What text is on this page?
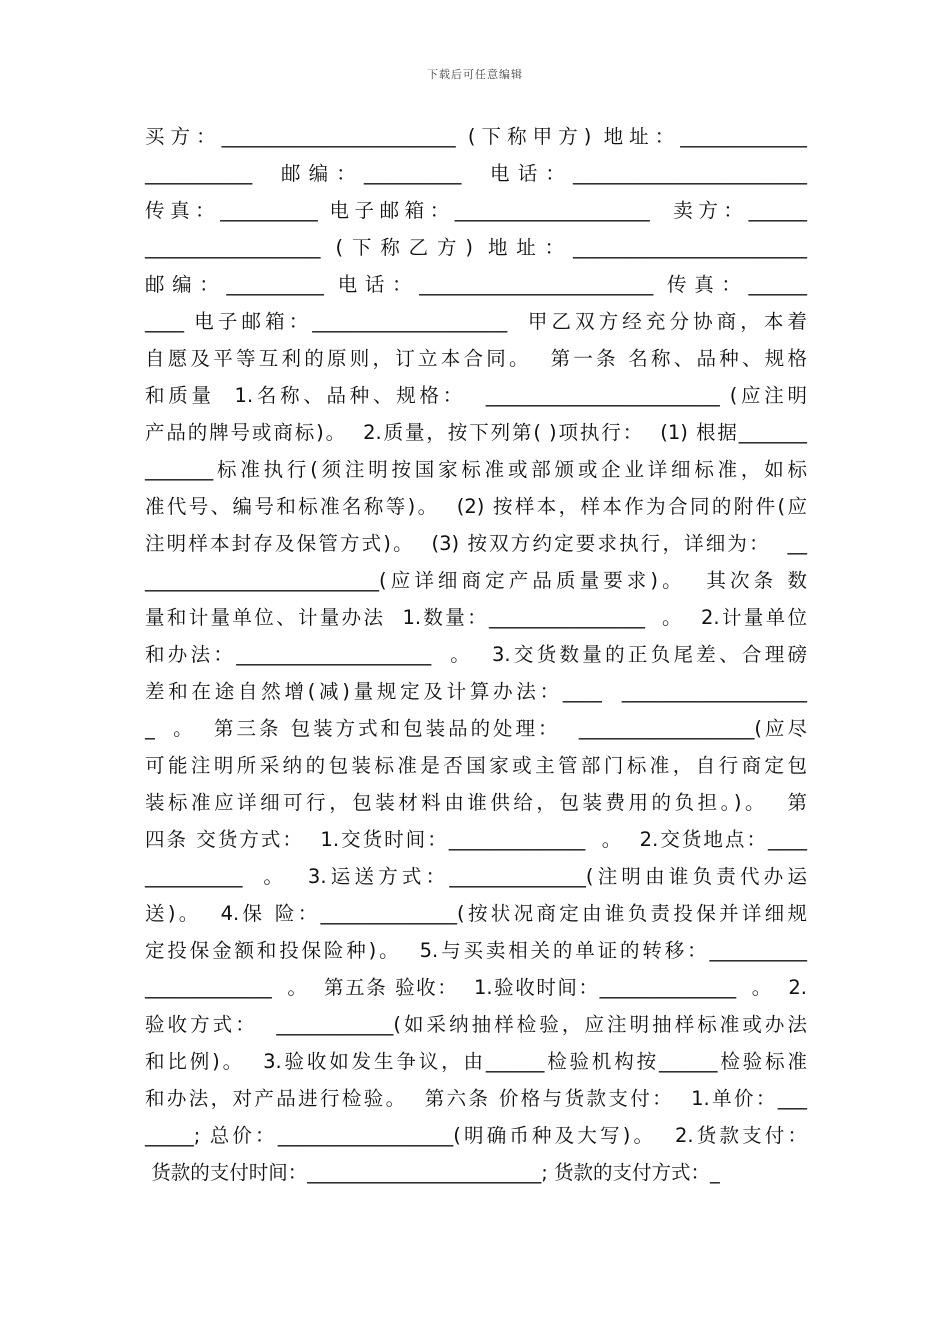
下载后可任意编辑
买方：________________________ (下称甲方) 地址：_____________
___________  邮编：__________  电话：________________________
传真：__________ 电子邮箱：____________________  卖方：______
__________________ (下称乙方) 地址：________________________
邮编：__________ 电话：________________________ 传真：______
____ 电子邮箱：____________________  甲乙双方经充分协商，本着
自愿及平等互利的原则，订立本合同。  第一条 名称、品种、规格
和质量  1.名称、品种、规格：  ________________________ (应注明
产品的牌号或商标)。  2.质量，按下列第( )项执行：  (1) 根据_______
_______标准执行(须注明按国家标准或部颁或企业详细标准，如标
准代号、编号和标准名称等)。  (2) 按样本，样本作为合同的附件(应
注明样本封存及保管方式)。  (3) 按双方约定要求执行，详细为：  __
________________________(应详细商定产品质量要求)。  其次条 数
量和计量单位、计量办法  1.数量：________________  。  2.计量单位
和办法：____________________  。  3.交货数量的正负尾差、合理磅
差和在途自然增(减)量规定及计算办法：____  ___________________
_  。  第三条 包装方式和包装品的处理：  __________________(应尽
可能注明所采纳的包装标准是否国家或主管部门标准，自行商定包
装标准应详细可行，包装材料由谁供给，包装费用的负担。)。  第
四条 交货方式：  1.交货时间：______________  。  2.交货地点：____
__________  。  3.运送方式：______________(注明由谁负责代办运
送)。  4.保 险：______________(按状况商定由谁负责投保并详细规
定投保金额和投保险种)。  5.与买卖相关的单证的转移：__________
_____________  。  第五条 验收：  1.验收时间：______________  。  2.
验收方式：  ____________(如采纳抽样检验，应注明抽样标准或办法
和比例)。  3.验收如发生争议，由______检验机构按______检验标准
和办法，对产品进行检验。  第六条 价格与货款支付：  1.单价：___
_____; 总价：__________________(明确币种及大写)。  2.货款支付：
货款的支付时间：________________________; 货款的支付方式：_
